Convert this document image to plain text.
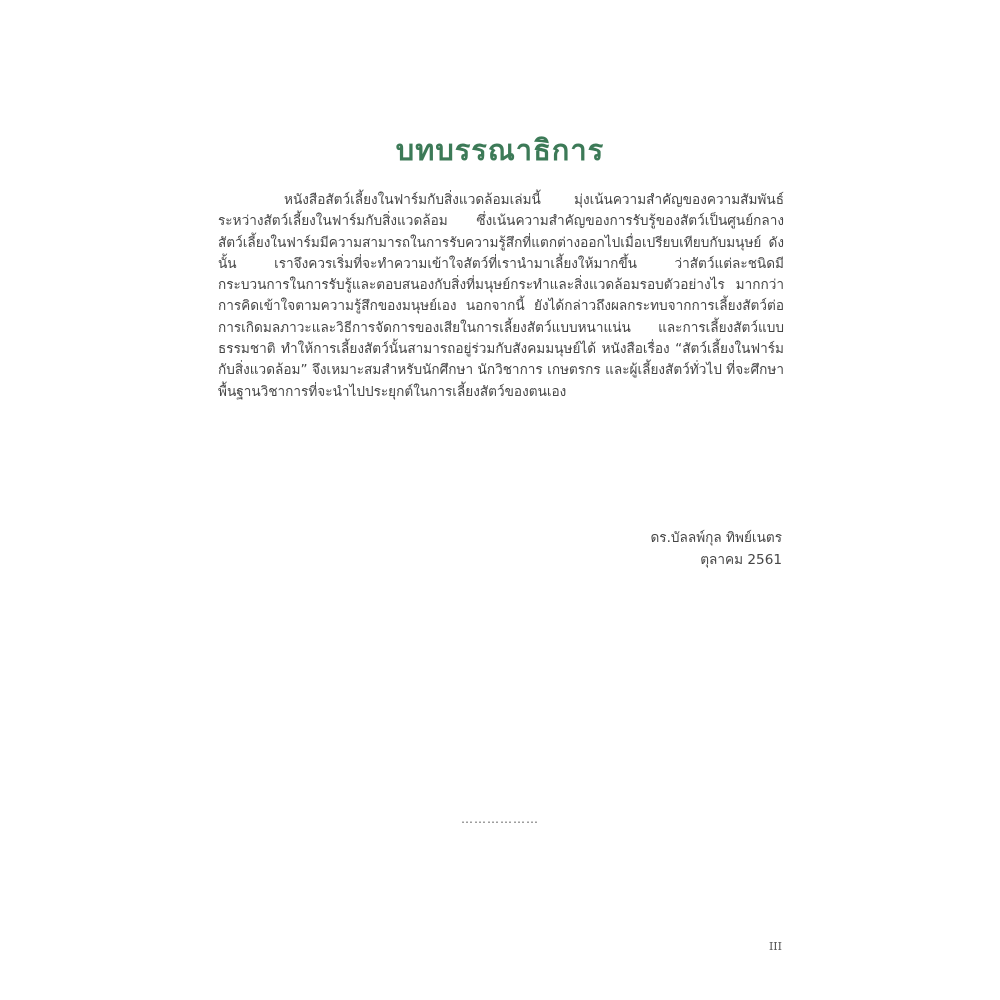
บทบรรณาธิการ

หนังสือสัตว์เลี้ยงในฟาร์มกับสิ่งแวดล้อมเล่มนี้ มุ่งเน้นความสำคัญของความสัมพันธ์ระหว่างสัตว์เลี้ยงในฟาร์มกับสิ่งแวดล้อม ซึ่งเน้นความสำคัญของการรับรู้ของสัตว์เป็นศูนย์กลาง สัตว์เลี้ยงในฟาร์มมีความสามารถในการรับความรู้สึกที่แตกต่างออกไปเมื่อเปรียบเทียบกับมนุษย์ ดังนั้น เราจึงควรเริ่มที่จะทำความเข้าใจสัตว์ที่เรานำมาเลี้ยงให้มากขึ้น ว่าสัตว์แต่ละชนิดมีกระบวนการในการรับรู้และตอบสนองกับสิ่งที่มนุษย์กระทำและสิ่งแวดล้อมรอบตัวอย่างไร มากกว่าการคิดเข้าใจตามความรู้สึกของมนุษย์เอง นอกจากนี้ ยังได้กล่าวถึงผลกระทบจากการเลี้ยงสัตว์ต่อการเกิดมลภาวะและวิธีการจัดการของเสียในการเลี้ยงสัตว์แบบหนาแน่น และการเลี้ยงสัตว์แบบธรรมชาติ ทำให้การเลี้ยงสัตว์นั้นสามารถอยู่ร่วมกับสังคมมนุษย์ได้ หนังสือเรื่อง “สัตว์เลี้ยงในฟาร์มกับสิ่งแวดล้อม” จึงเหมาะสมสำหรับนักศึกษา นักวิชาการ เกษตรกร และผู้เลี้ยงสัตว์ทั่วไป ที่จะศึกษาพื้นฐานวิชาการที่จะนำไปประยุกต์ในการเลี้ยงสัตว์ของตนเอง

ดร.บัลลพ์กุล ทิพย์เนตร
ตุลาคม 2561
………………
III
